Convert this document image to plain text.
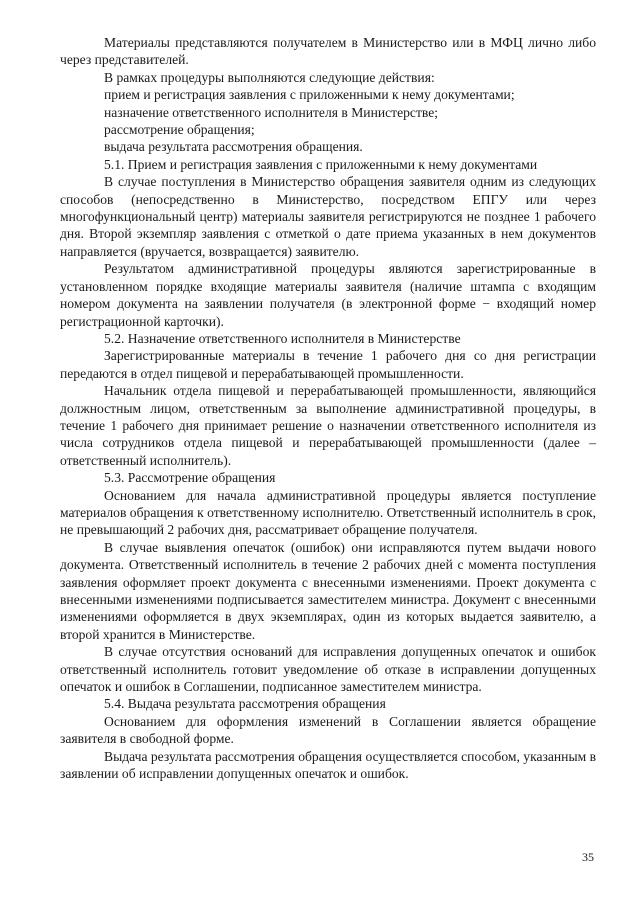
Материалы представляются получателем в Министерство или в МФЦ лично либо через представителей.

В рамках процедуры выполняются следующие действия:

прием и регистрация заявления с приложенными к нему документами;

назначение ответственного исполнителя в Министерстве;

рассмотрение обращения;

выдача результата рассмотрения обращения.

5.1. Прием и регистрация заявления с приложенными к нему документами

В случае поступления в Министерство обращения заявителя одним из следующих способов (непосредственно в Министерство, посредством ЕПГУ или через многофункциональный центр) материалы заявителя регистрируются не позднее 1 рабочего дня. Второй экземпляр заявления с отметкой о дате приема указанных в нем документов направляется (вручается, возвращается) заявителю.

Результатом административной процедуры являются зарегистрированные в установленном порядке входящие материалы заявителя (наличие штампа с входящим номером документа на заявлении получателя (в электронной форме − входящий номер регистрационной карточки).

5.2. Назначение ответственного исполнителя в Министерстве

Зарегистрированные материалы в течение 1 рабочего дня со дня регистрации передаются в отдел пищевой и перерабатывающей промышленности.

Начальник отдела пищевой и перерабатывающей промышленности, являющийся должностным лицом, ответственным за выполнение административной процедуры, в течение 1 рабочего дня принимает решение о назначении ответственного исполнителя из числа сотрудников отдела пищевой и перерабатывающей промышленности (далее – ответственный исполнитель).

5.3. Рассмотрение обращения

Основанием для начала административной процедуры является поступление материалов обращения к ответственному исполнителю. Ответственный исполнитель в срок, не превышающий 2 рабочих дня, рассматривает обращение получателя.

В случае выявления опечаток (ошибок) они исправляются путем выдачи нового документа. Ответственный исполнитель в течение 2 рабочих дней с момента поступления заявления оформляет проект документа с внесенными изменениями. Проект документа с внесенными изменениями подписывается заместителем министра. Документ с внесенными изменениями оформляется в двух экземплярах, один из которых выдается заявителю, а второй хранится в Министерстве.

В случае отсутствия оснований для исправления допущенных опечаток и ошибок ответственный исполнитель готовит уведомление об отказе в исправлении допущенных опечаток и ошибок в Соглашении, подписанное заместителем министра.

5.4. Выдача результата рассмотрения обращения

Основанием для оформления изменений в Соглашении является обращение заявителя в свободной форме.

Выдача результата рассмотрения обращения осуществляется способом, указанным в заявлении об исправлении допущенных опечаток и ошибок.

35
